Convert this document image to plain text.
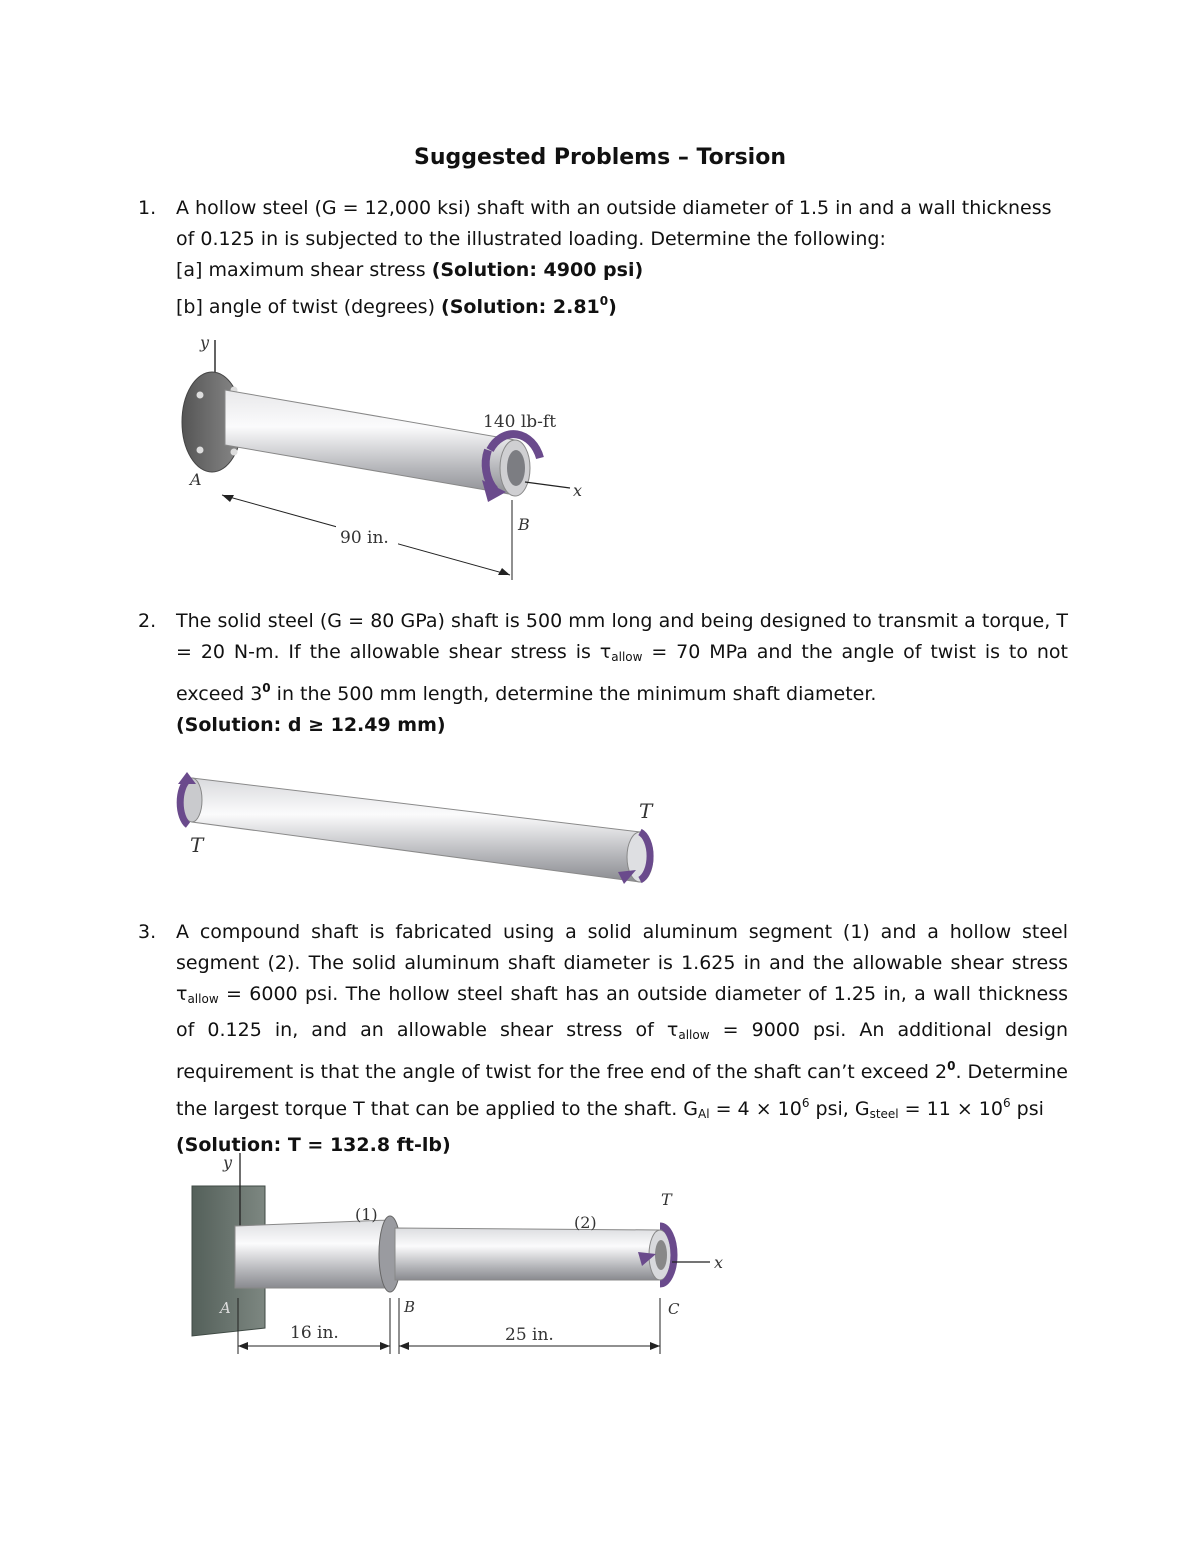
Suggested Problems – Torsion
1. A hollow steel (G = 12,000 ksi) shaft with an outside diameter of 1.5 in and a wall thickness
of 0.125 in is subjected to the illustrated loading. Determine the following:
[a] maximum shear stress (Solution: 4900 psi)
[b] angle of twist (degrees) (Solution: 2.81$^0$)
y
x
140 lb-ft
A
B
90 in.
2. The solid steel (G = 80 GPa) shaft is 500 mm long and being designed to transmit a torque, T = 20 N-m. If the allowable shear stress is $\tau_{allow} = 70$ MPa and the angle of twist is to not exceed $3^0$ in the 500 mm length, determine the minimum shaft diameter.
(Solution: d ≥ 12.49 mm)
T
T
3. A compound shaft is fabricated using a solid aluminum segment (1) and a hollow steel segment (2). The solid aluminum shaft diameter is 1.625 in and the allowable shear stress $\tau_{allow} = 6000$ psi. The hollow steel shaft has an outside diameter of 1.25 in, a wall thickness of 0.125 in, and an allowable shear stress of $\tau_{allow} = 9000$ psi. An additional design requirement is that the angle of twist for the free end of the shaft can’t exceed $2^0$. Determine the largest torque T that can be applied to the shaft. $G_{Al} = 4 \times 10^6$ psi, $G_{steel} = 11 \times 10^6$ psi
(Solution: T = 132.8 ft-lb)
y
T
x
(1)	(2)
A	B	C
16 in.	25 in.
